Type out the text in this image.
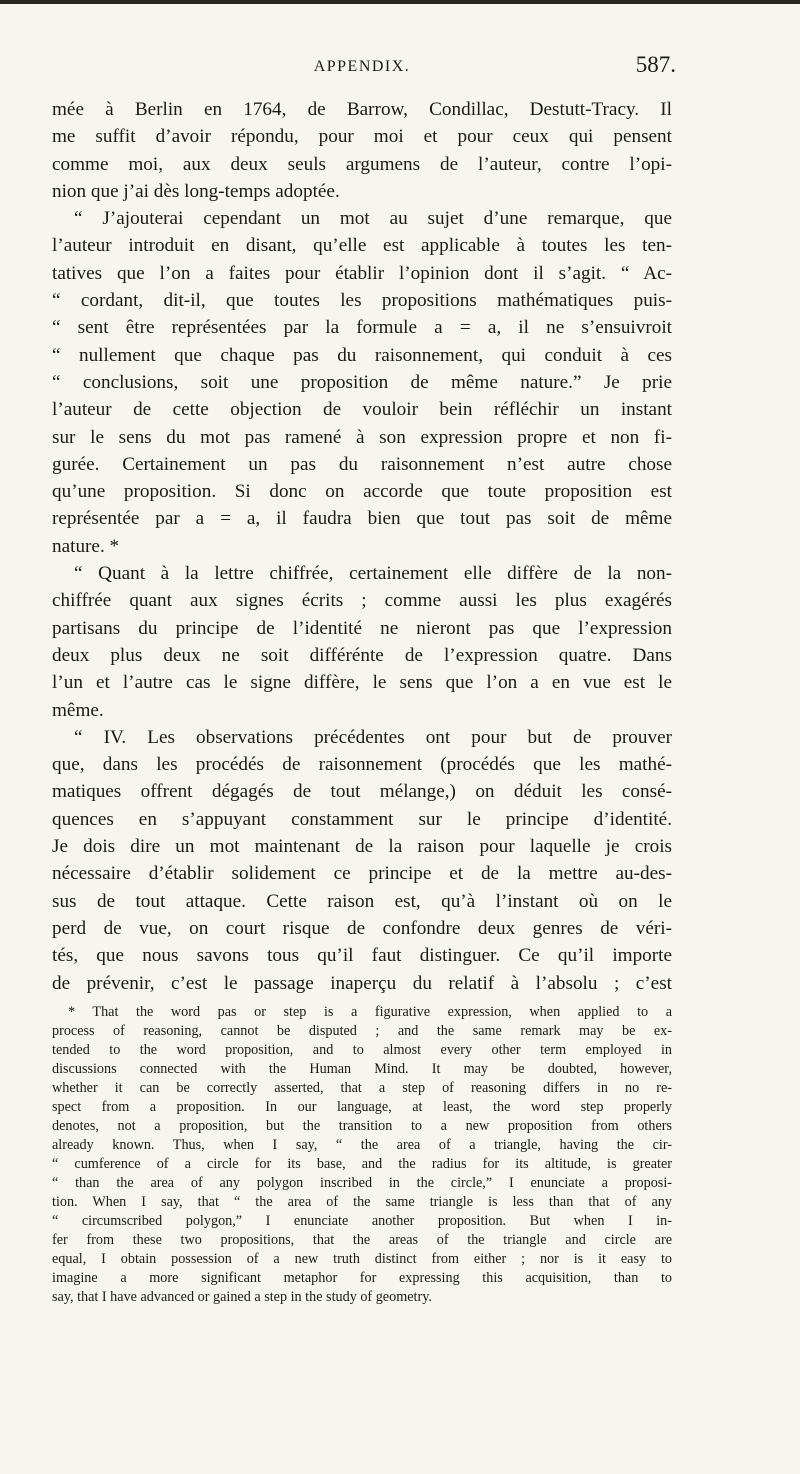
APPENDIX.	587.
mée à Berlin en 1764, de Barrow, Condillac, Destutt-Tracy. Il
me suffit d’avoir répondu, pour moi et pour ceux qui pensent
comme moi, aux deux seuls argumens de l’auteur, contre l’opi-
nion que j’ai dès long-temps adoptée.
“ J’ajouterai cependant un mot au sujet d’une remarque, que
l’auteur introduit en disant, qu’elle est applicable à toutes les ten-
tatives que l’on a faites pour établir l’opinion dont il s’agit. “ Ac-
“ cordant, dit-il, que toutes les propositions mathématiques puis-
“ sent être représentées par la formule a = a, il ne s’ensuivroit
“ nullement que chaque pas du raisonnement, qui conduit à ces
“ conclusions, soit une proposition de même nature.” Je prie
l’auteur de cette objection de vouloir bein réfléchir un instant
sur le sens du mot pas ramené à son expression propre et non fi-
gurée. Certainement un pas du raisonnement n’est autre chose
qu’une proposition. Si donc on accorde que toute proposition est
représentée par a = a, il faudra bien que tout pas soit de même
nature. *
“ Quant à la lettre chiffrée, certainement elle diffère de la non-
chiffrée quant aux signes écrits ; comme aussi les plus exagérés
partisans du principe de l’identité ne nieront pas que l’expression
deux plus deux ne soit différénte de l’expression quatre. Dans
l’un et l’autre cas le signe diffère, le sens que l’on a en vue est le
même.
“ IV. Les observations précédentes ont pour but de prouver
que, dans les procédés de raisonnement (procédés que les mathé-
matiques offrent dégagés de tout mélange,) on déduit les consé-
quences en s’appuyant constamment sur le principe d’identité.
Je dois dire un mot maintenant de la raison pour laquelle je crois
nécessaire d’établir solidement ce principe et de la mettre au-des-
sus de tout attaque. Cette raison est, qu’à l’instant où on le
perd de vue, on court risque de confondre deux genres de véri-
tés, que nous savons tous qu’il faut distinguer. Ce qu’il importe
de prévenir, c’est le passage inaperçu du relatif à l’absolu ; c’est
* That the word pas or step is a figurative expression, when applied to a
process of reasoning, cannot be disputed ; and the same remark may be ex-
tended to the word proposition, and to almost every other term employed in
discussions connected with the Human Mind. It may be doubted, however,
whether it can be correctly asserted, that a step of reasoning differs in no re-
spect from a proposition. In our language, at least, the word step properly
denotes, not a proposition, but the transition to a new proposition from others
already known. Thus, when I say, “ the area of a triangle, having the cir-
“ cumference of a circle for its base, and the radius for its altitude, is greater
“ than the area of any polygon inscribed in the circle,” I enunciate a proposi-
tion. When I say, that “ the area of the same triangle is less than that of any
“ circumscribed polygon,” I enunciate another proposition. But when I in-
fer from these two propositions, that the areas of the triangle and circle are
equal, I obtain possession of a new truth distinct from either ; nor is it easy to
imagine a more significant metaphor for expressing this acquisition, than to
say, that I have advanced or gained a step in the study of geometry.
